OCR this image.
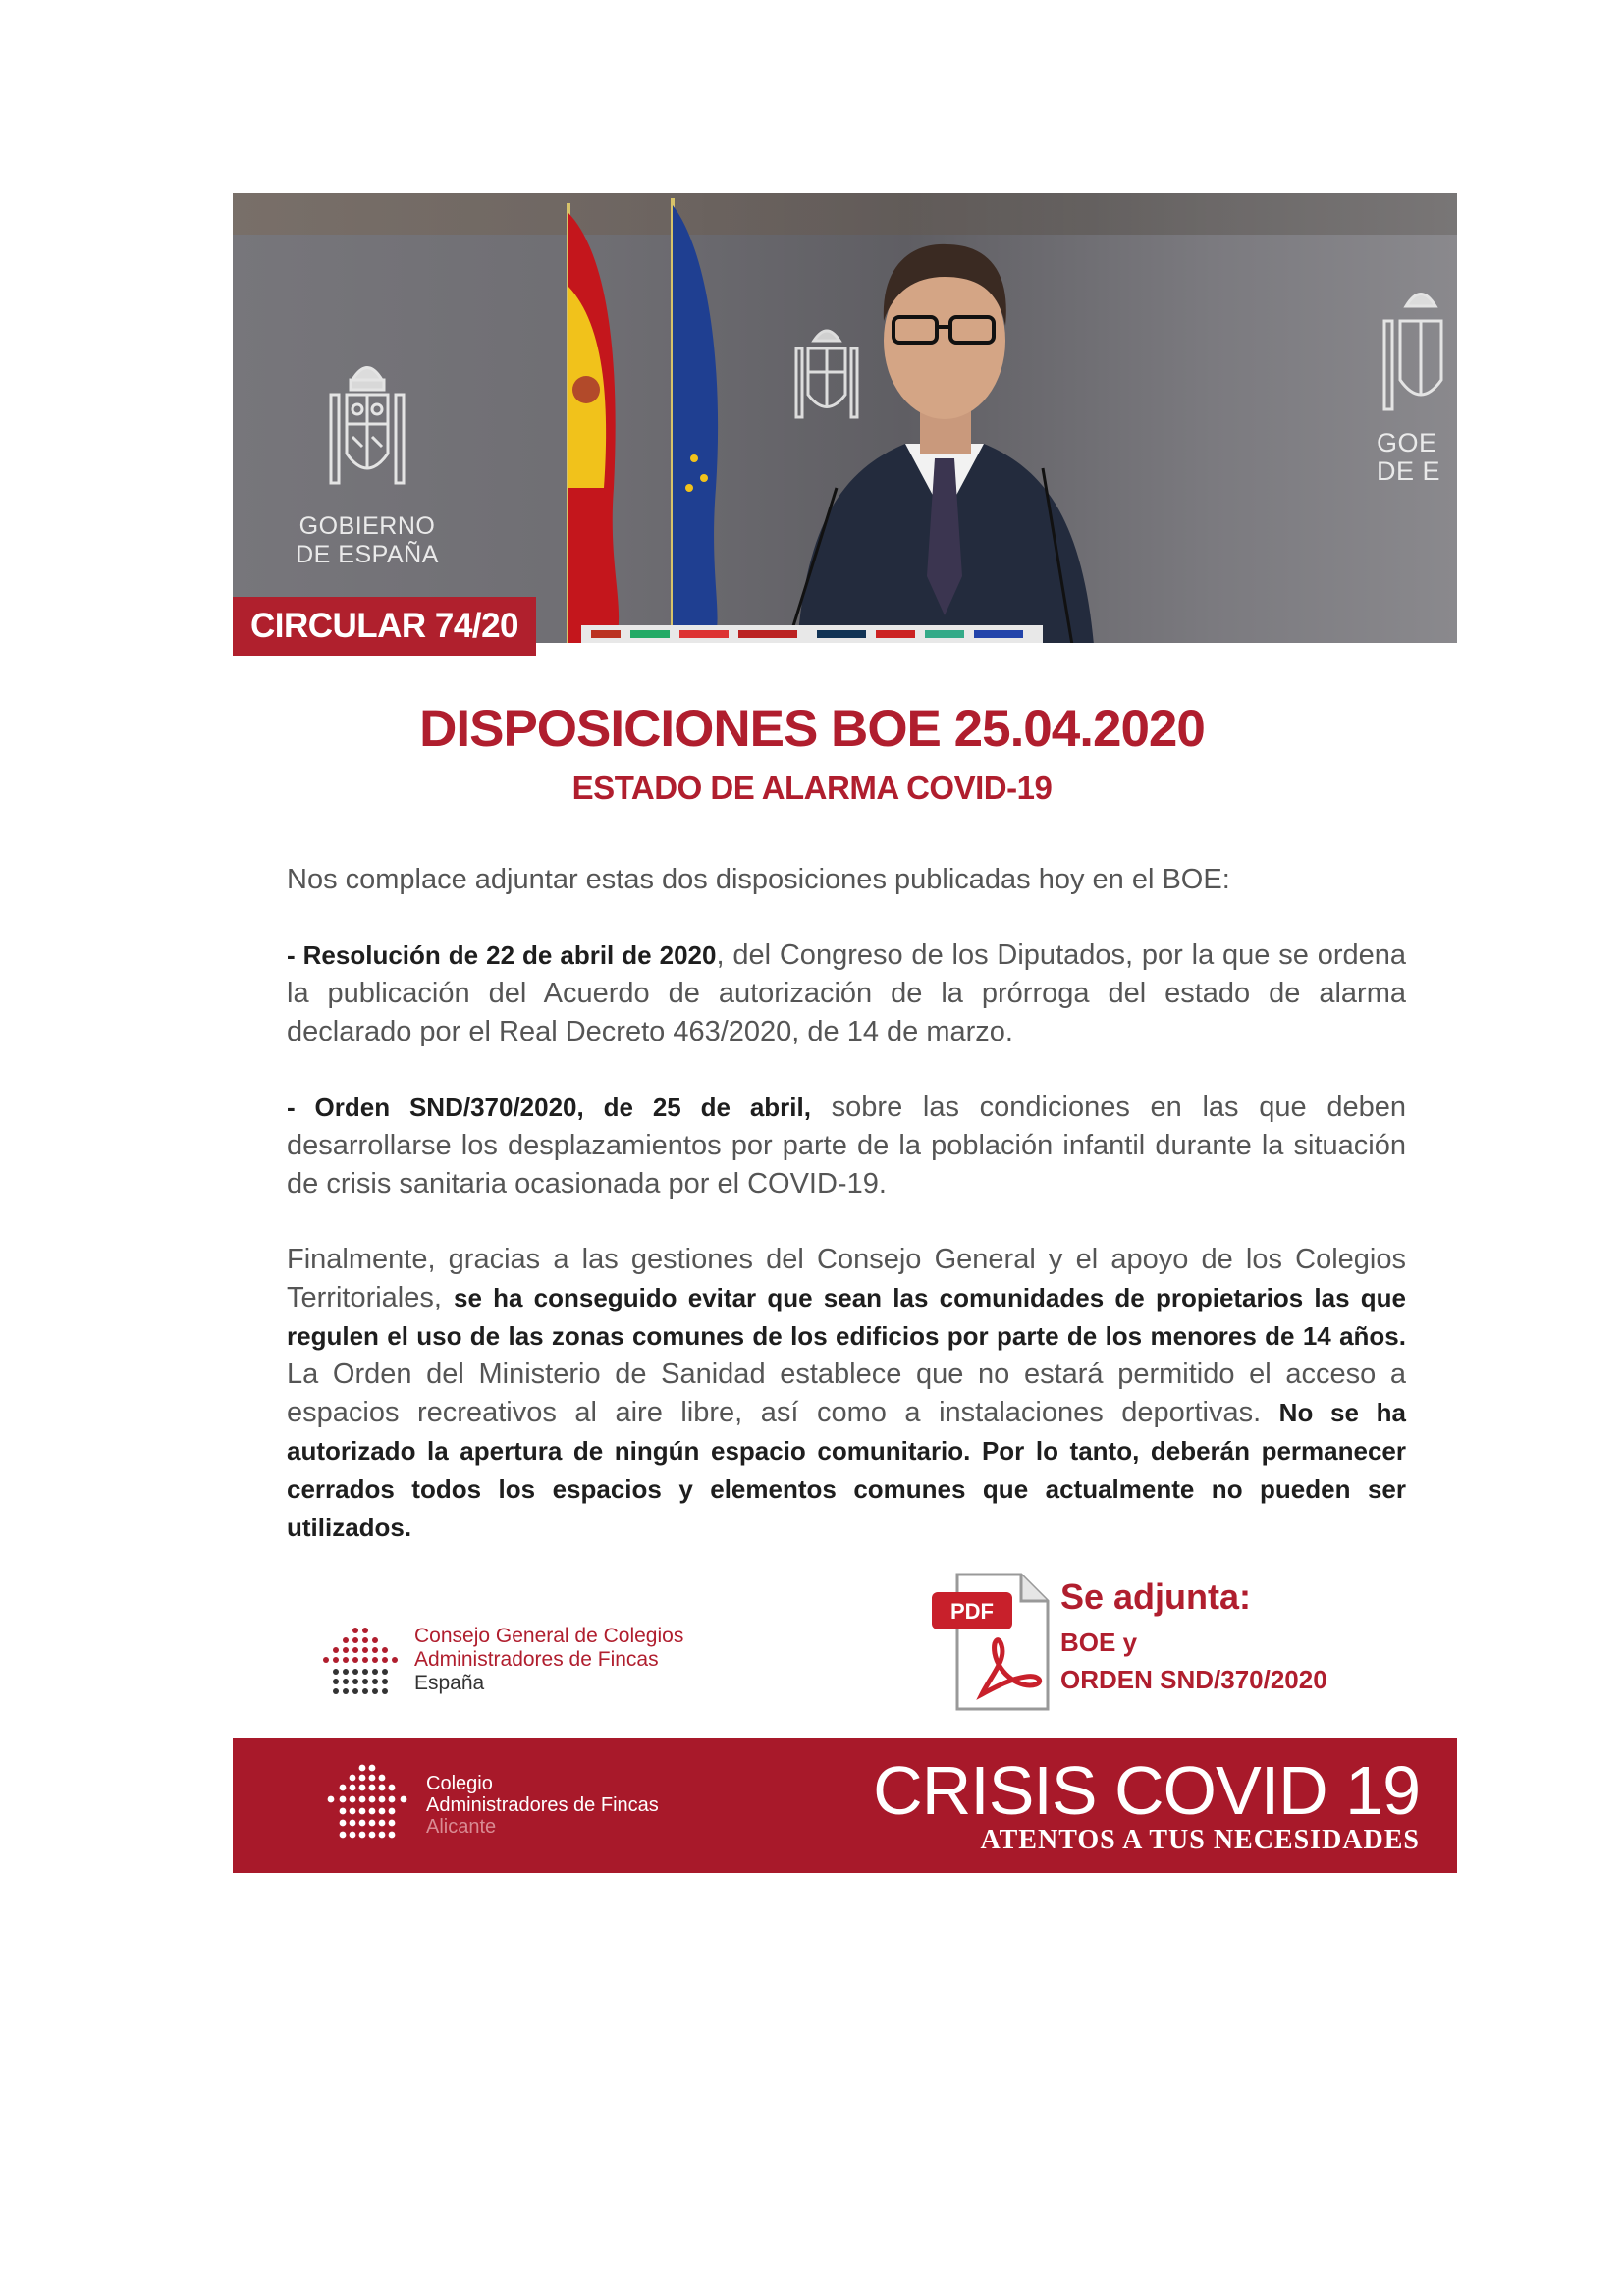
GOBIERNO
DE ESPAÑA
GOE
DE E
CIRCULAR 74/20
DISPOSICIONES BOE 25.04.2020
ESTADO DE ALARMA COVID-19

Nos complace adjuntar estas dos disposiciones publicadas hoy en el BOE:

- Resolución de 22 de abril de 2020, del Congreso de los Diputados, por la que se ordena la publicación del Acuerdo de autorización de la prórroga del estado de alarma declarado por el Real Decreto 463/2020, de 14 de marzo.

- Orden SND/370/2020, de 25 de abril, sobre las condiciones en las que deben desarrollarse los desplazamientos por parte de la población infantil durante la situación de crisis sanitaria ocasionada por el COVID-19.

Finalmente, gracias a las gestiones del Consejo General y el apoyo de los Colegios Territoriales, se ha conseguido evitar que sean las comunidades de propietarios las que regulen el uso de las zonas comunes de los edificios por parte de los menores de 14 años. La Orden del Ministerio de Sanidad establece que no estará permitido el acceso a espacios recreativos al aire libre, así como a instalaciones deportivas. No se ha autorizado la apertura de ningún espacio comunitario. Por lo tanto, deberán permanecer cerrados todos los espacios y elementos comunes que actualmente no pueden ser utilizados.

Consejo General de Colegios
Administradores de Fincas
España
PDF Se adjunta:
BOE y
ORDEN SND/370/2020
Colegio
Administradores de Fincas
Alicante	CRISIS COVID 19
ATENTOS A TUS NECESIDADES
